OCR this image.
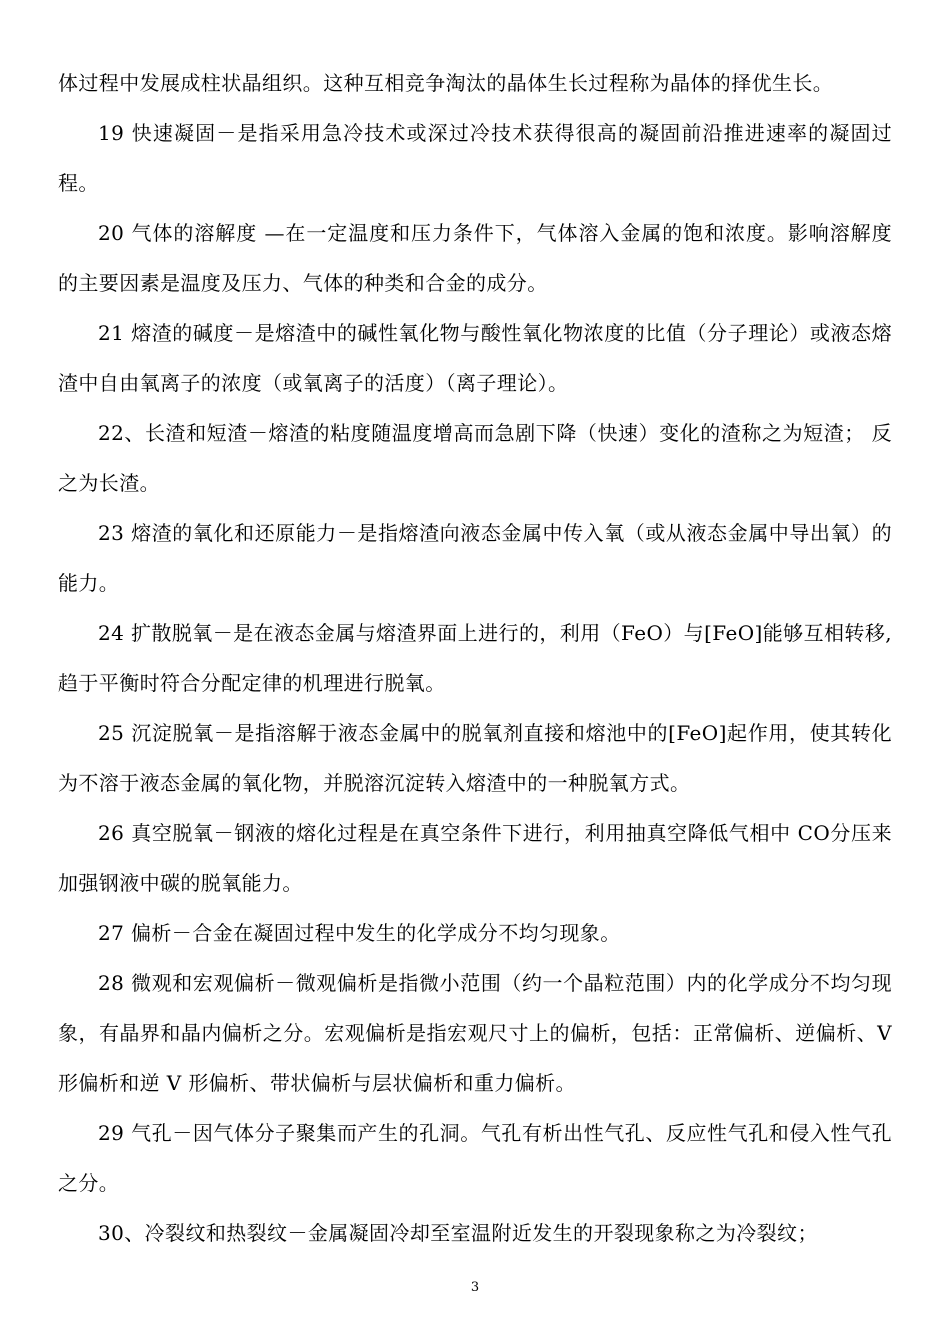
体过程中发展成柱状晶组织。这种互相竞争淘汰的晶体生长过程称为晶体的择优生长。

19 快速凝固－是指采用急冷技术或深过冷技术获得很高的凝固前沿推进速率的凝固过程。

20 气体的溶解度 —在一定温度和压力条件下，气体溶入金属的饱和浓度。影响溶解度的主要因素是温度及压力、气体的种类和合金的成分。

21 熔渣的碱度－是熔渣中的碱性氧化物与酸性氧化物浓度的比值（分子理论）或液态熔渣中自由氧离子的浓度（或氧离子的活度）（离子理论）。

22、长渣和短渣－熔渣的粘度随温度增高而急剧下降（快速）变化的渣称之为短渣； 反之为长渣。

23 熔渣的氧化和还原能力－是指熔渣向液态金属中传入氧（或从液态金属中导出氧）的能力。

24 扩散脱氧－是在液态金属与熔渣界面上进行的，利用（FeO）与[FeO]能够互相转移, 趋于平衡时符合分配定律的机理进行脱氧。

25 沉淀脱氧－是指溶解于液态金属中的脱氧剂直接和熔池中的[FeO]起作用，使其转化为不溶于液态金属的氧化物，并脱溶沉淀转入熔渣中的一种脱氧方式。

26 真空脱氧－钢液的熔化过程是在真空条件下进行，利用抽真空降低气相中 CO分压来加强钢液中碳的脱氧能力。

27 偏析－合金在凝固过程中发生的化学成分不均匀现象。

28 微观和宏观偏析－微观偏析是指微小范围（约一个晶粒范围）内的化学成分不均匀现象，有晶界和晶内偏析之分。宏观偏析是指宏观尺寸上的偏析，包括：正常偏析、逆偏析、V 形偏析和逆 V 形偏析、带状偏析与层状偏析和重力偏析。

29 气孔－因气体分子聚集而产生的孔洞。气孔有析出性气孔、反应性气孔和侵入性气孔之分。

30、冷裂纹和热裂纹－金属凝固冷却至室温附近发生的开裂现象称之为冷裂纹；

3
